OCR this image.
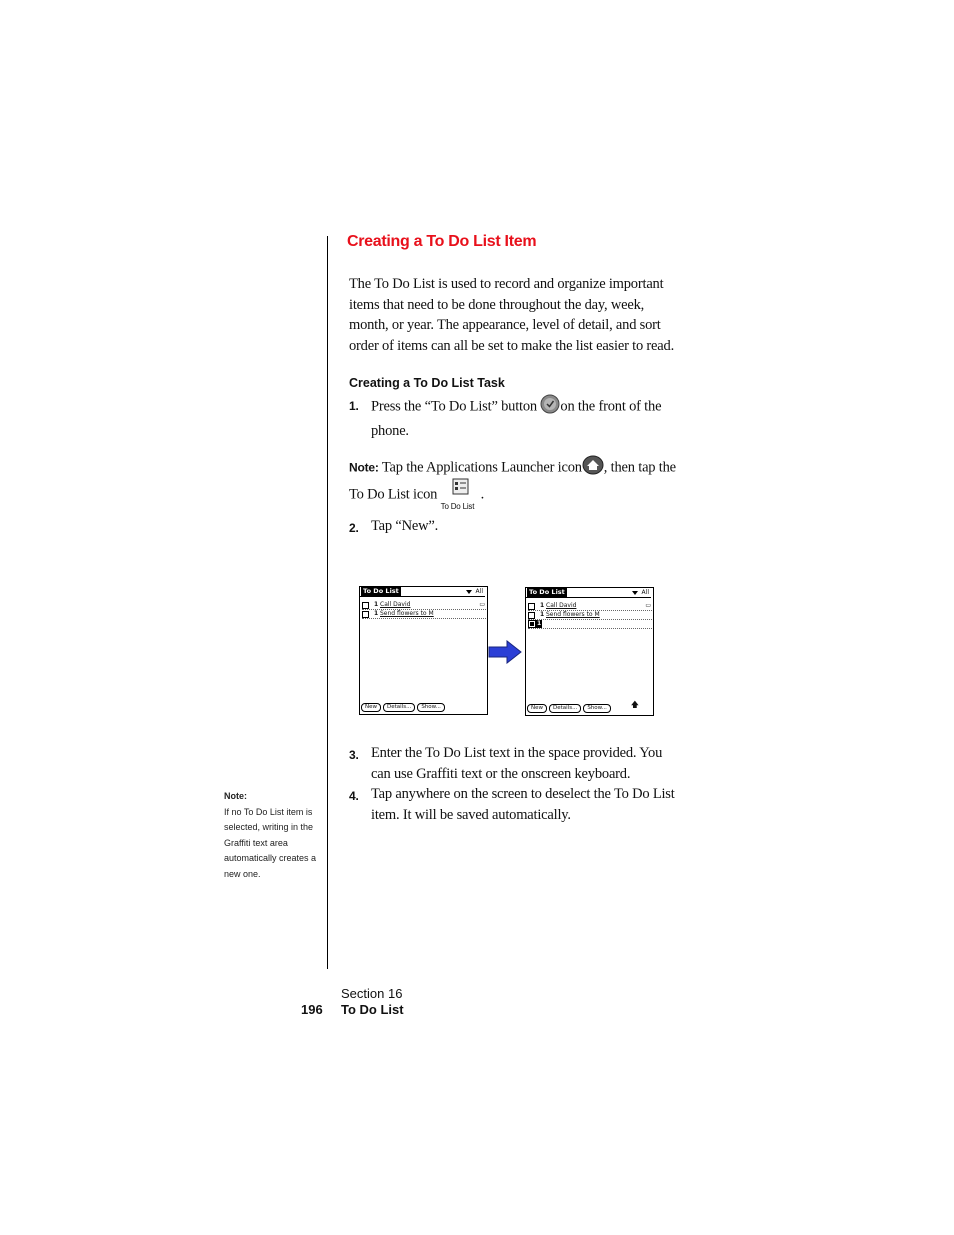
Creating a To Do List Item
The To Do List is used to record and organize important items that need to be done throughout the day, week, month, or year. The appearance, level of detail, and sort order of items can all be set to make the list easier to read.
Creating a To Do List Task
1. Press the “To Do List” button on the front of the phone.
Note: Tap the Applications Launcher icon , then tap the To Do List icon
To Do List
.
2. Tap “New”.
To Do List	All
1 Call David	▭
1 Send flowers to M
New Details... Show...
To Do List	All
1 Call David	▭
1 Send flowers to M
1
New Details... Show...	🡅
3. Enter the To Do List text in the space provided. You can use Graffiti text or the onscreen keyboard.
4. Tap anywhere on the screen to deselect the To Do List item. It will be saved automatically.
Note:
If no To Do List item is selected, writing in the Graffiti text area automatically creates a new one.
Section 16
196 To Do List
